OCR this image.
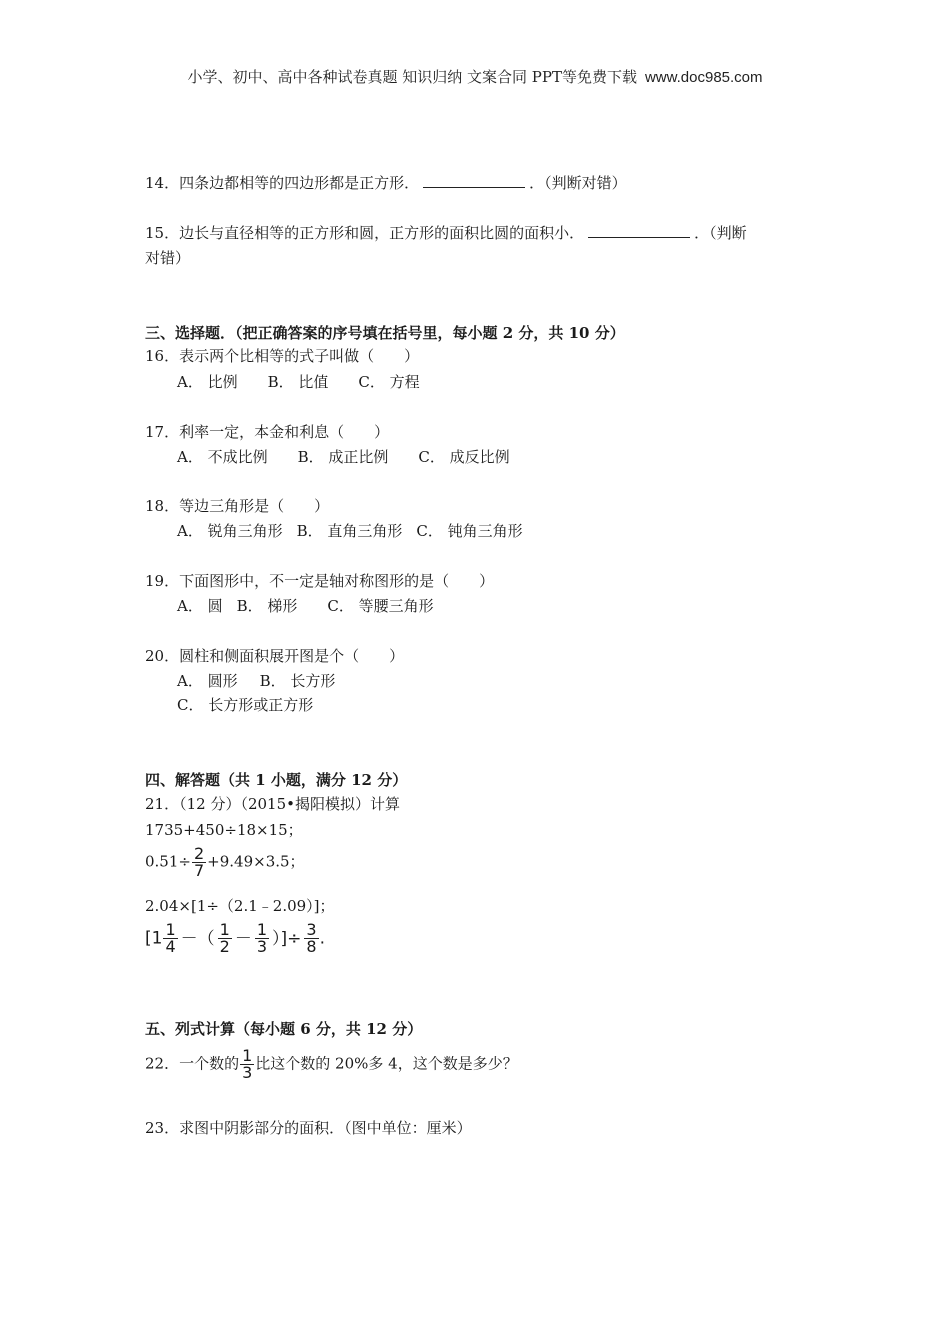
小学、初中、高中各种试卷真题 知识归纳 文案合同 PPT等免费下载 www.doc985.com
14．四条边都相等的四边形都是正方形．	．（判断对错）
15．边长与直径相等的正方形和圆，正方形的面积比圆的面积小．	．（判断
对错）
三、选择题．（把正确答案的序号填在括号里，每小题 2 分，共 10 分）
16．表示两个比相等的式子叫做（　　）
A． 比例 B． 比值 C． 方程
17．利率一定，本金和利息（　　）
A． 不成比例 B． 成正比例 C． 成反比例
18．等边三角形是（　　）
A． 锐角三角形 B． 直角三角形 C． 钝角三角形
19．下面图形中，不一定是轴对称图形的是（　　）
A． 圆 B． 梯形 C． 等腰三角形
20．圆柱和侧面积展开图是个（　　）
A． 圆形 B． 长方形
C． 长方形或正方形
四、解答题（共 1 小题，满分 12 分）
21．（12 分）（2015•揭阳模拟）计算
1735+450÷18×15；
$0.51\div \frac{2}{7} +9.49\times 3.5$；
2.04×[1÷（2.1﹣2.09）]；
[$1 \frac{1}{4}$ －（ $\frac{1}{2} - \frac{1}{3}$ ）]÷ $\frac{3}{8}$ .
五、列式计算（每小题 6 分，共 12 分）
22．一个数的 $\frac{1}{3}$ 比这个数的 20%多 4，这个数是多少？
23．求图中阴影部分的面积．（图中单位：厘米）
